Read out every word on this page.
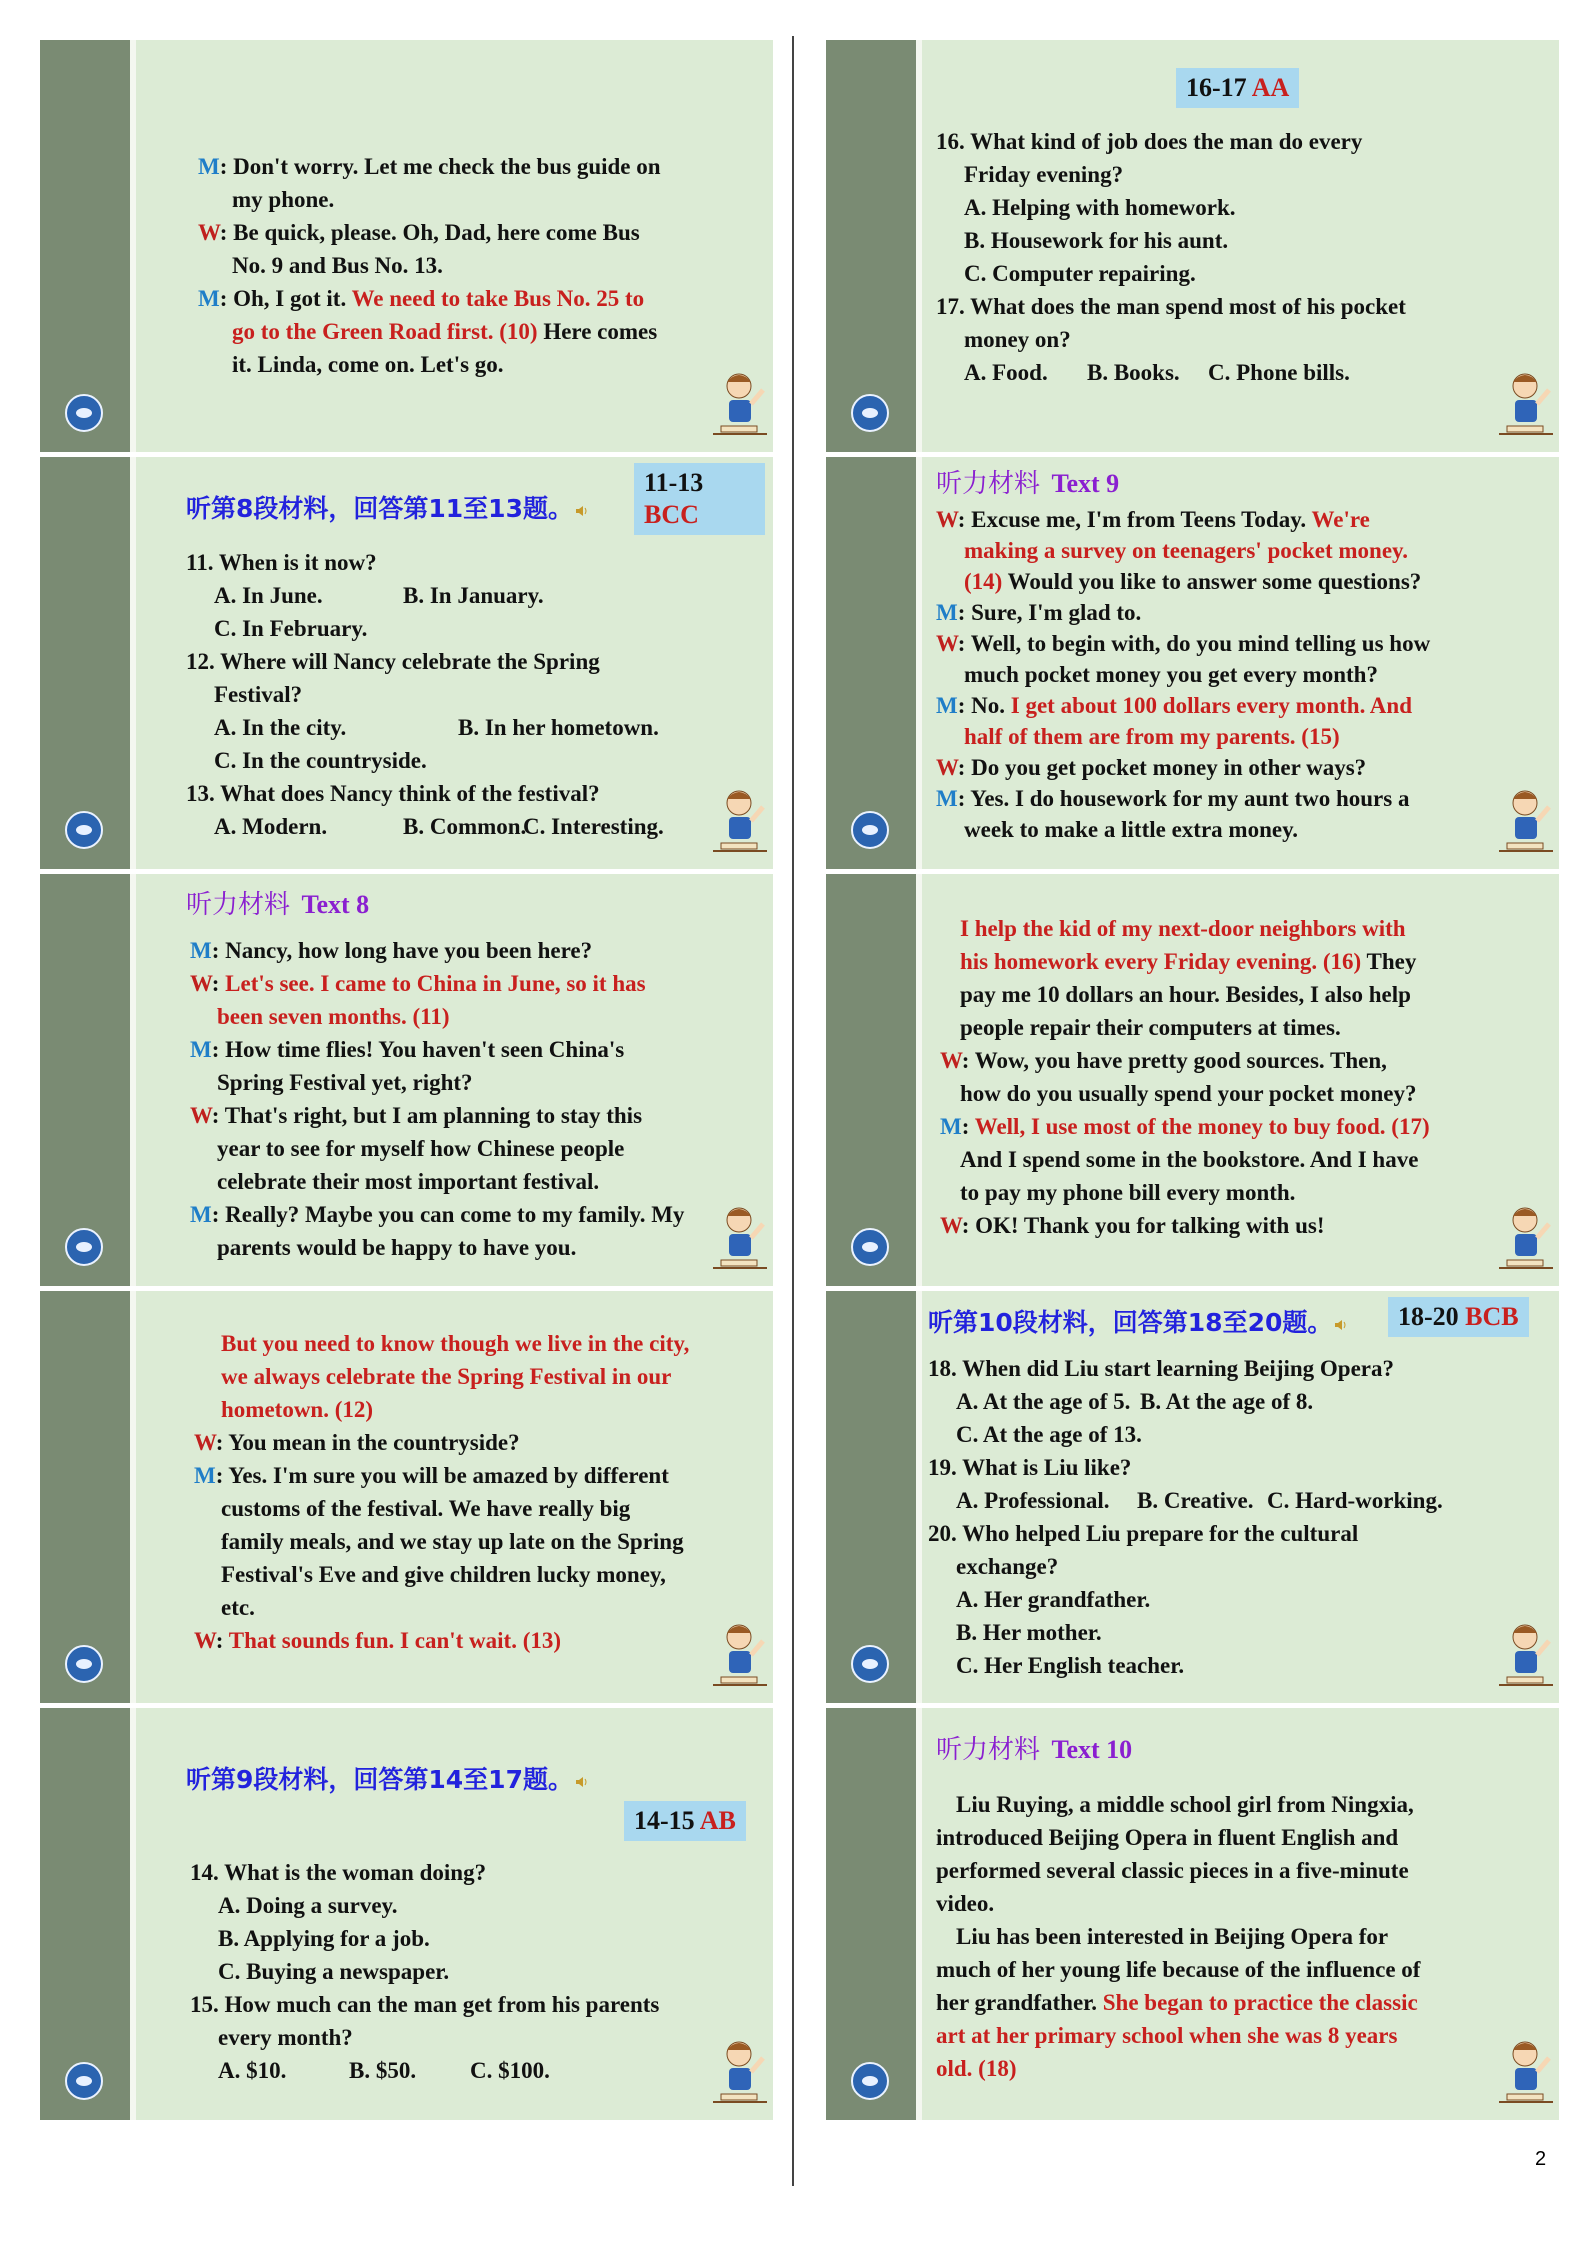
M: Don't worry. Let me check the bus guide on
my phone.
W: Be quick, please. Oh, Dad, here come Bus
No. 9 and Bus No. 13.
M: Oh, I got it. We need to take Bus No. 25 to
go to the Green Road first. (10) Here comes
it. Linda, come on. Let's go.
听第8段材料，回答第11至13题。
11-13 BCC
11. When is it now?
A. In June.	B. In January.
C. In February.
12. Where will Nancy celebrate the Spring
Festival?
A. In the city.	B. In her hometown.
C. In the countryside.
13. What does Nancy think of the festival?
A. Modern.	B. Common.
C. Interesting.
听力材料 Text 8
M: Nancy, how long have you been here?
W: Let's see. I came to China in June, so it has
been seven months. (11)
M: How time flies! You haven't seen China's
Spring Festival yet, right?
W: That's right, but I am planning to stay this
year to see for myself how Chinese people
celebrate their most important festival.
M: Really? Maybe you can come to my family. My
parents would be happy to have you.
But you need to know though we live in the city,
we always celebrate the Spring Festival in our
hometown. (12)
W: You mean in the countryside?
M: Yes. I'm sure you will be amazed by different
customs of the festival. We have really big
family meals, and we stay up late on the Spring
Festival's Eve and give children lucky money,
etc.
W: That sounds fun. I can't wait. (13)
听第9段材料，回答第14至17题。
14-15 AB
14. What is the woman doing?
A. Doing a survey.
B. Applying for a job.
C. Buying a newspaper.
15. How much can the man get from his parents
every month?
A. $10.	B. $50. C. $100.
16-17 AA
16. What kind of job does the man do every
Friday evening?
A. Helping with homework.
B. Housework for his aunt.
C. Computer repairing.
17. What does the man spend most of his pocket
money on?
A. Food. B. Books. C. Phone bills.
听力材料 Text 9
W: Excuse me, I'm from Teens Today. We're
making a survey on teenagers' pocket money.
(14) Would you like to answer some questions?
M: Sure, I'm glad to.
W: Well, to begin with, do you mind telling us how
much pocket money you get every month?
M: No. I get about 100 dollars every month. And
half of them are from my parents. (15)
W: Do you get pocket money in other ways?
M: Yes. I do housework for my aunt two hours a
week to make a little extra money.
I help the kid of my next-door neighbors with
his homework every Friday evening. (16) They
pay me 10 dollars an hour. Besides, I also help
people repair their computers at times.
W: Wow, you have pretty good sources. Then,
how do you usually spend your pocket money?
M: Well, I use most of the money to buy food. (17)
And I spend some in the bookstore. And I have
to pay my phone bill every month.
W: OK! Thank you for talking with us!
听第10段材料，回答第18至20题。	18-20 BCB
18. When did Liu start learning Beijing Opera?
A. At the age of 5. B. At the age of 8.
C. At the age of 13.
19. What is Liu like?
A. Professional. B. Creative. C. Hard-working.
20. Who helped Liu prepare for the cultural
exchange?
A. Her grandfather.
B. Her mother.
C. Her English teacher.
听力材料 Text 10
Liu Ruying, a middle school girl from Ningxia,
introduced Beijing Opera in fluent English and
performed several classic pieces in a five-minute
video.
Liu has been interested in Beijing Opera for
much of her young life because of the influence of
her grandfather. She began to practice the classic
art at her primary school when she was 8 years
old. (18)
2
